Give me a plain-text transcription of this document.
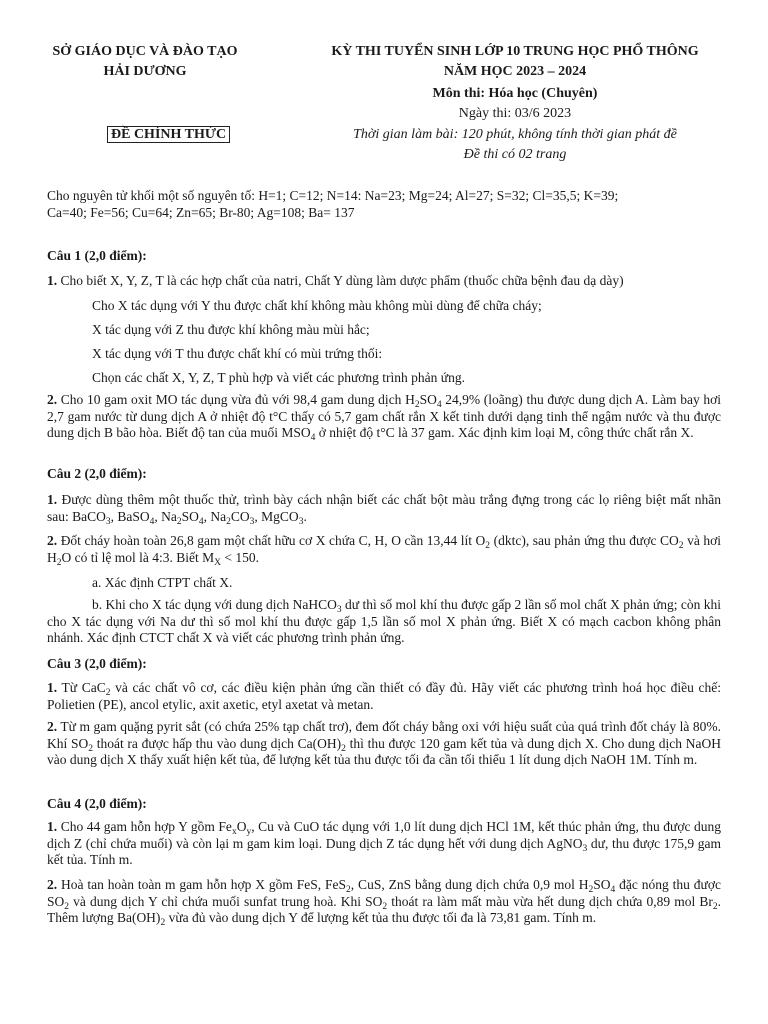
SỞ GIÁO DỤC VÀ ĐÀO TẠO
HẢI DƯƠNG
ĐỀ CHÍNH THỨC
KỲ THI TUYỂN SINH LỚP 10 TRUNG HỌC PHỔ THÔNG
NĂM HỌC 2023 – 2024
Môn thi: Hóa học (Chuyên)
Ngày thi: 03/6 2023
Thời gian làm bài: 120 phút, không tính thời gian phát đề
Đề thi có 02 trang
Cho nguyên tử khối một số nguyên tố: H=1; C=12; N=14: Na=23; Mg=24; Al=27; S=32; Cl=35,5; K=39;
Ca=40; Fe=56; Cu=64; Zn=65; Br-80; Ag=108; Ba= 137
Câu 1 (2,0 điểm):
1. Cho biết X, Y, Z, T là các hợp chất của natri, Chất Y dùng làm dược phẩm (thuốc chữa bệnh đau dạ dày)
Cho X tác dụng với Y thu được chất khí không màu không mùi dùng để chữa cháy;
X tác dụng với Z thu được khí không màu mùi hắc;
X tác dụng với T thu được chất khí có mùi trứng thối:
Chọn các chất X, Y, Z, T phù hợp và viết các phương trình phản ứng.
2. Cho 10 gam oxit MO tác dụng vừa đủ với 98,4 gam dung dịch $H_2SO_4$ 24,9% (loãng) thu được dung dịch A. Làm bay hơi 2,7 gam nước từ dung dịch A ở nhiệt độ t°C thấy có 5,7 gam chất rắn X kết tinh dưới dạng tinh thể ngậm nước và thu được dung dịch B bão hòa. Biết độ tan của muối $MSO_4$ ở nhiệt độ t°C là 37 gam. Xác định kim loại M, công thức chất rắn X.
Câu 2 (2,0 điểm):
1. Được dùng thêm một thuốc thử, trình bày cách nhận biết các chất bột màu trắng đựng trong các lọ riêng biệt mất nhãn sau: BaCO$_3$, BaSO$_4$, $Na_2SO_4$, $Na_2CO_3$, MgCO$_3$.
2. Đốt cháy hoàn toàn 26,8 gam một chất hữu cơ X chứa C, H, O cần 13,44 lít $O_2$ (dktc), sau phản ứng thu được $CO_2$ và hơi $H_2O$ có tỉ lệ mol là 4:3. Biết $M_X < 150$.
a. Xác định CTPT chất X.
b. Khi cho X tác dụng với dung dịch NaHCO$_3$ dư thì số mol khí thu được gấp 2 lần số mol chất X phản ứng; còn khi cho X tác dụng với Na dư thì số mol khí thu được gấp 1,5 lần số mol X phản ứng. Biết X có mạch cacbon không phân nhánh. Xác định CTCT chất X và viết các phương trình phản ứng.
Câu 3 (2,0 điểm):
1. Từ CaC$_2$ và các chất vô cơ, các điều kiện phản ứng cần thiết có đầy đủ. Hãy viết các phương trình hoá học điều chế: Polietien (PE), ancol etylic, axit axetic, etyl axetat và metan.
2. Từ m gam quặng pyrit sắt (có chứa 25% tạp chất trơ), đem đốt cháy bằng oxi với hiệu suất của quá trình đốt cháy là 80%. Khí $SO_2$ thoát ra được hấp thu vào dung dịch $Ca(OH)_2$ thì thu được 120 gam kết tủa và dung dịch X. Cho dung dịch NaOH vào dung dịch X thấy xuất hiện kết tủa, để lượng kết tủa thu được tối đa cần tối thiểu 1 lít dung dịch NaOH 1M. Tính m.
Câu 4 (2,0 điểm):
1. Cho 44 gam hỗn hợp Y gồm $Fe_xO_y$, Cu và CuO tác dụng với 1,0 lít dung dịch HCl 1M, kết thúc phản ứng, thu được dung dịch Z (chỉ chứa muối) và còn lại m gam kim loại. Dung dịch Z tác dụng hết với dung dịch AgNO$_3$ dư, thu được 175,9 gam kết tủa. Tính m.
2. Hoà tan hoàn toàn m gam hỗn hợp X gồm FeS, FeS$_2$, CuS, ZnS bằng dung dịch chứa 0,9 mol $H_2SO_4$ đặc nóng thu được $SO_2$ và dung dịch Y chỉ chứa muối sunfat trung hoà. Khi $SO_2$ thoát ra làm mất màu vừa hết dung dịch chứa 0,89 mol $Br_2$. Thêm lượng $Ba(OH)_2$ vừa đủ vào dung dịch Y để lượng kết tủa thu được tối đa là 73,81 gam. Tính m.
